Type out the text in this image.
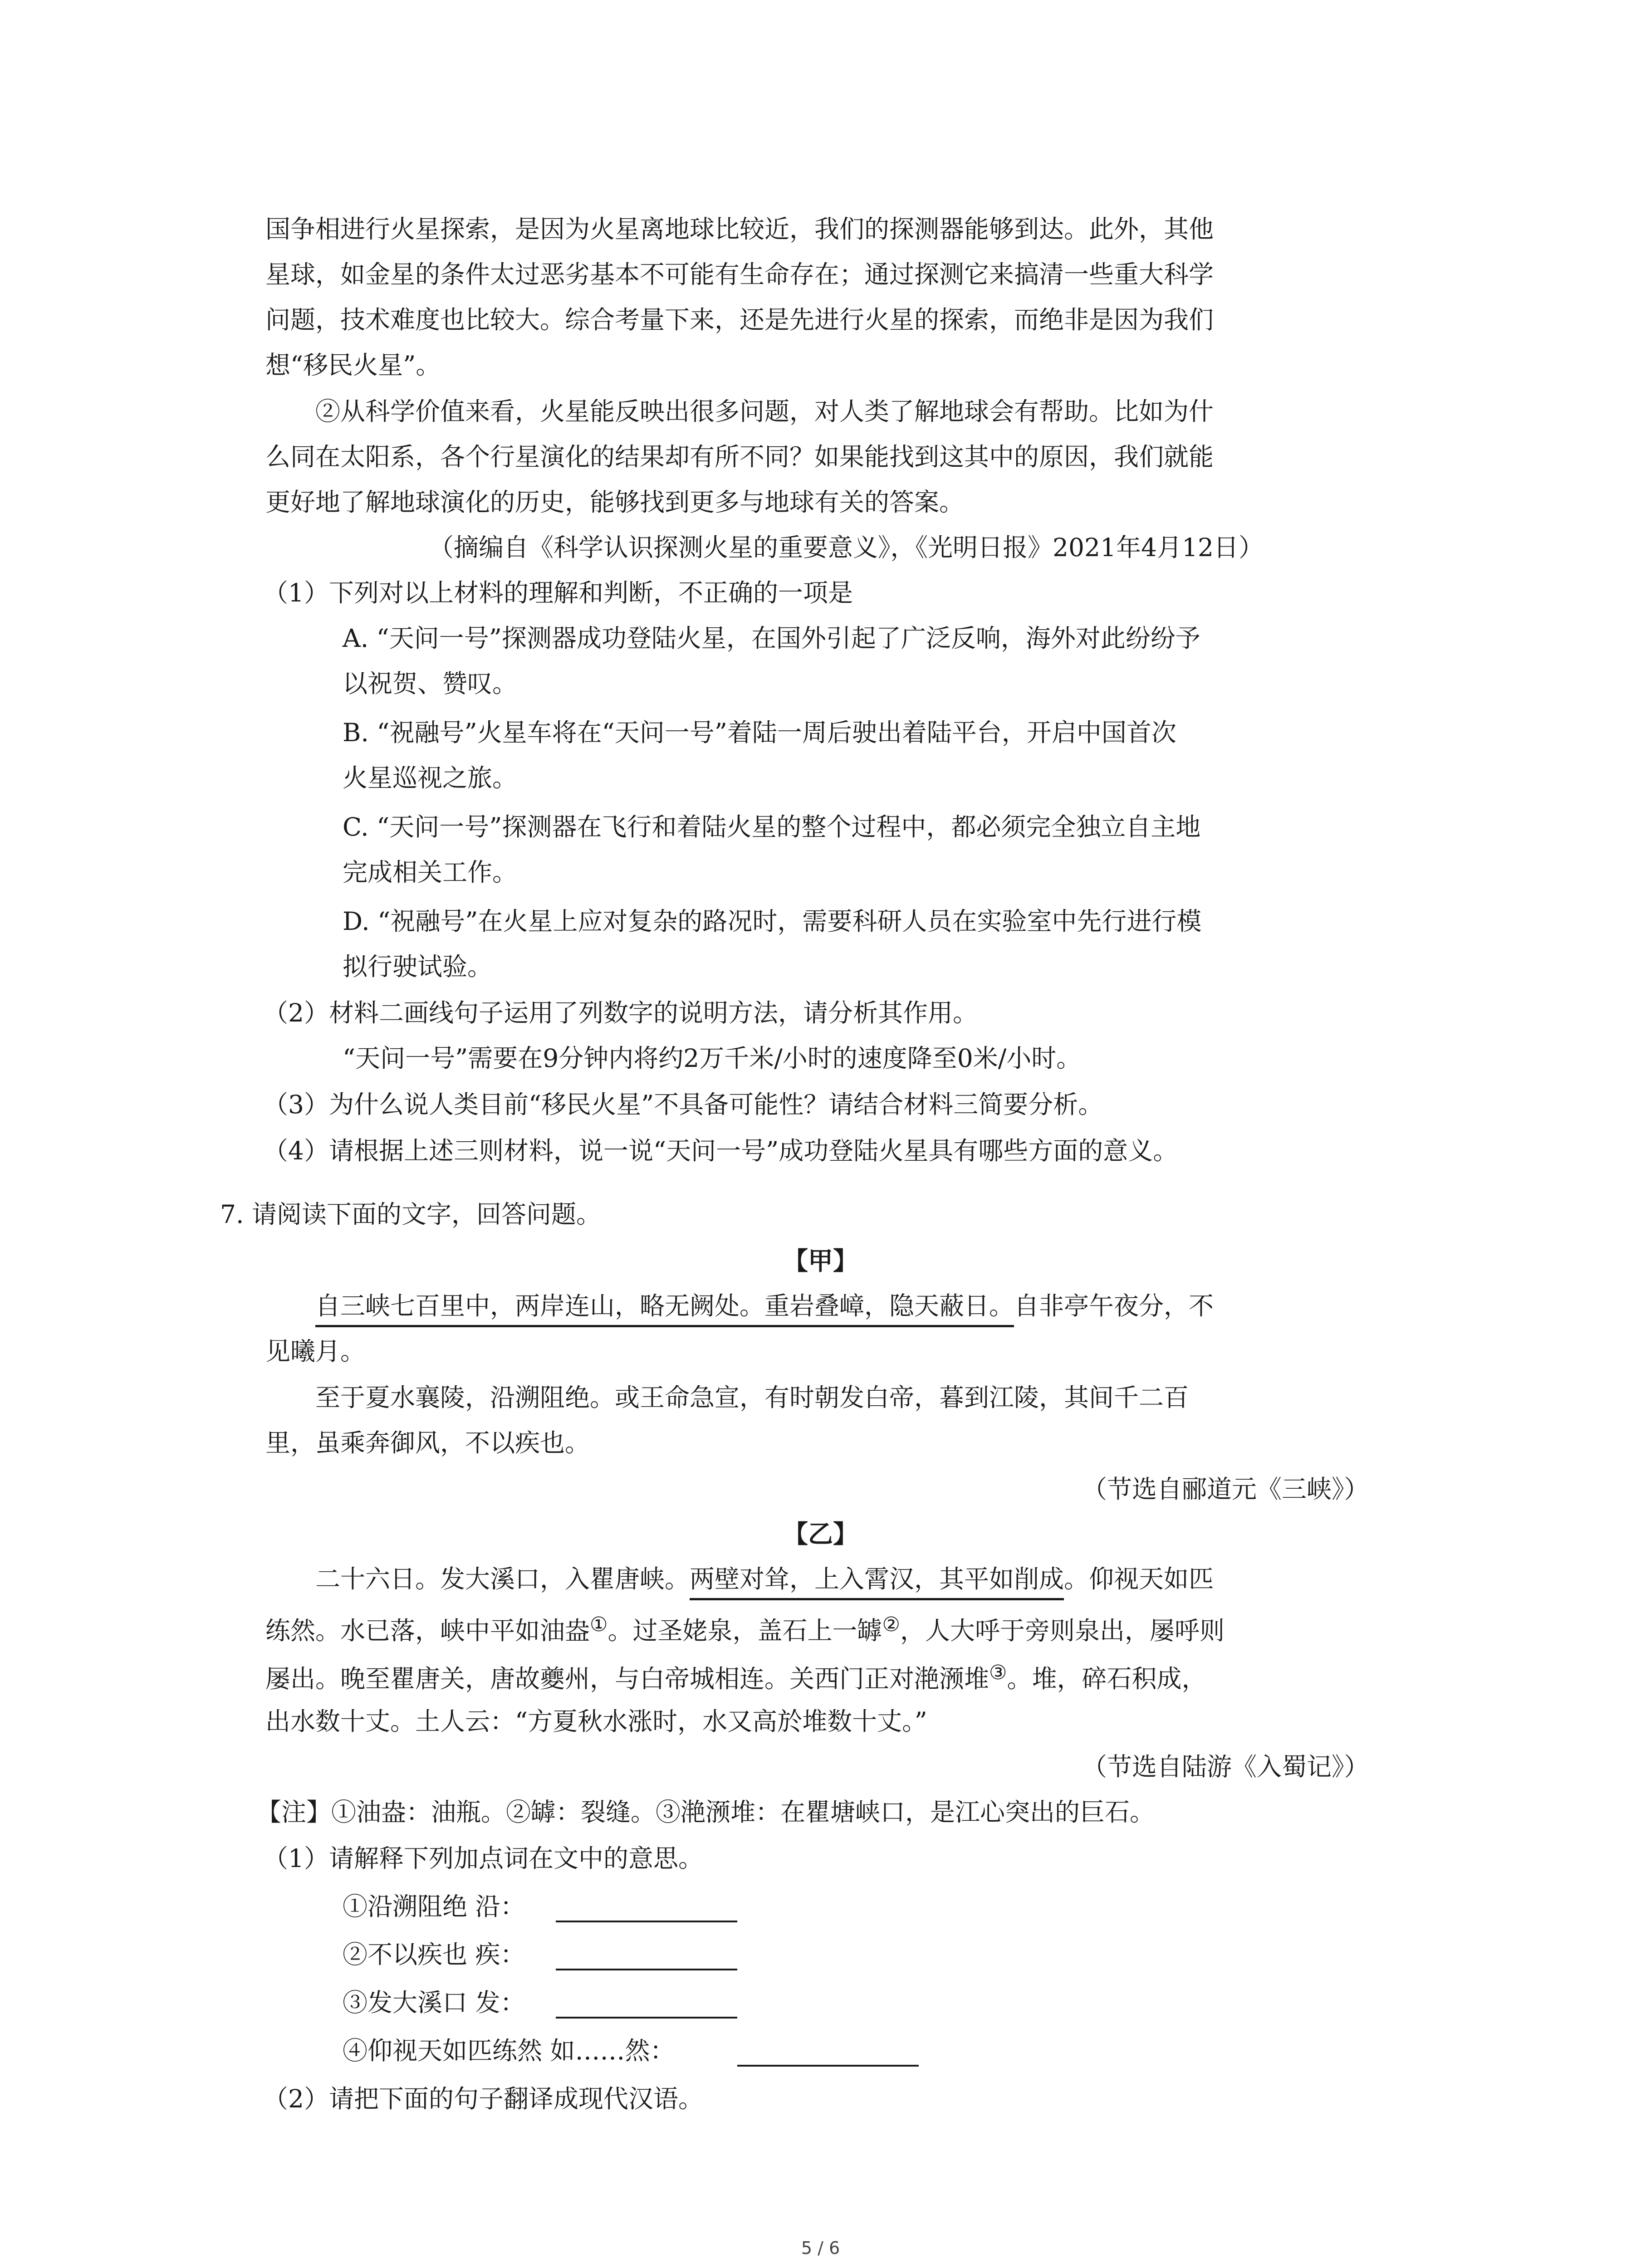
国争相进行火星探索，是因为火星离地球比较近，我们的探测器能够到达。此外，其他
星球，如金星的条件太过恶劣基本不可能有生命存在；通过探测它来搞清一些重大科学
问题，技术难度也比较大。综合考量下来，还是先进行火星的探索，而绝非是因为我们
想“移民火星”。
②从科学价值来看，火星能反映出很多问题，对人类了解地球会有帮助。比如为什
么同在太阳系，各个行星演化的结果却有所不同？如果能找到这其中的原因，我们就能
更好地了解地球演化的历史，能够找到更多与地球有关的答案。
（摘编自《科学认识探测火星的重要意义》，《光明日报》2021年4月12日）
（1）下列对以上材料的理解和判断，不正确的一项是
A. “天问一号”探测器成功登陆火星，在国外引起了广泛反响，海外对此纷纷予
以祝贺、赞叹。
B. “祝融号”火星车将在“天问一号”着陆一周后驶出着陆平台，开启中国首次
火星巡视之旅。
C. “天问一号”探测器在飞行和着陆火星的整个过程中，都必须完全独立自主地
完成相关工作。
D. “祝融号”在火星上应对复杂的路况时，需要科研人员在实验室中先行进行模
拟行驶试验。
（2）材料二画线句子运用了列数字的说明方法，请分析其作用。
“天问一号”需要在9分钟内将约2万千米/小时的速度降至0米/小时。
（3）为什么说人类目前“移民火星”不具备可能性？请结合材料三简要分析。
（4）请根据上述三则材料，说一说“天问一号”成功登陆火星具有哪些方面的意义。
7. 请阅读下面的文字，回答问题。
【甲】
自三峡七百里中，两岸连山，略无阙处。重岩叠嶂，隐天蔽日。自非亭午夜分，不
见曦月。
至于夏水襄陵，沿溯阻绝。或王命急宣，有时朝发白帝，暮到江陵，其间千二百
里，虽乘奔御风，不以疾也。
（节选自郦道元《三峡》）
【乙】
二十六日。发大溪口，入瞿唐峡。两壁对耸，上入霄汉，其平如削成。仰视天如匹
练然。水已落，峡中平如油盎①。过圣姥泉，盖石上一罅②，人大呼于旁则泉出，屡呼则
屡出。晚至瞿唐关，唐故夔州，与白帝城相连。关西门正对滟滪堆③。堆，碎石积成，
出水数十丈。土人云：“方夏秋水涨时，水又高於堆数十丈。”
（节选自陆游《入蜀记》）
【注】①油盎：油瓶。②罅：裂缝。③滟滪堆：在瞿塘峡口，是江心突出的巨石。
（1）请解释下列加点词在文中的意思。
①沿溯阻绝 沿：
②不以疾也 疾：
③发大溪口 发：
④仰视天如匹练然 如……然：
（2）请把下面的句子翻译成现代汉语。
5 / 6
